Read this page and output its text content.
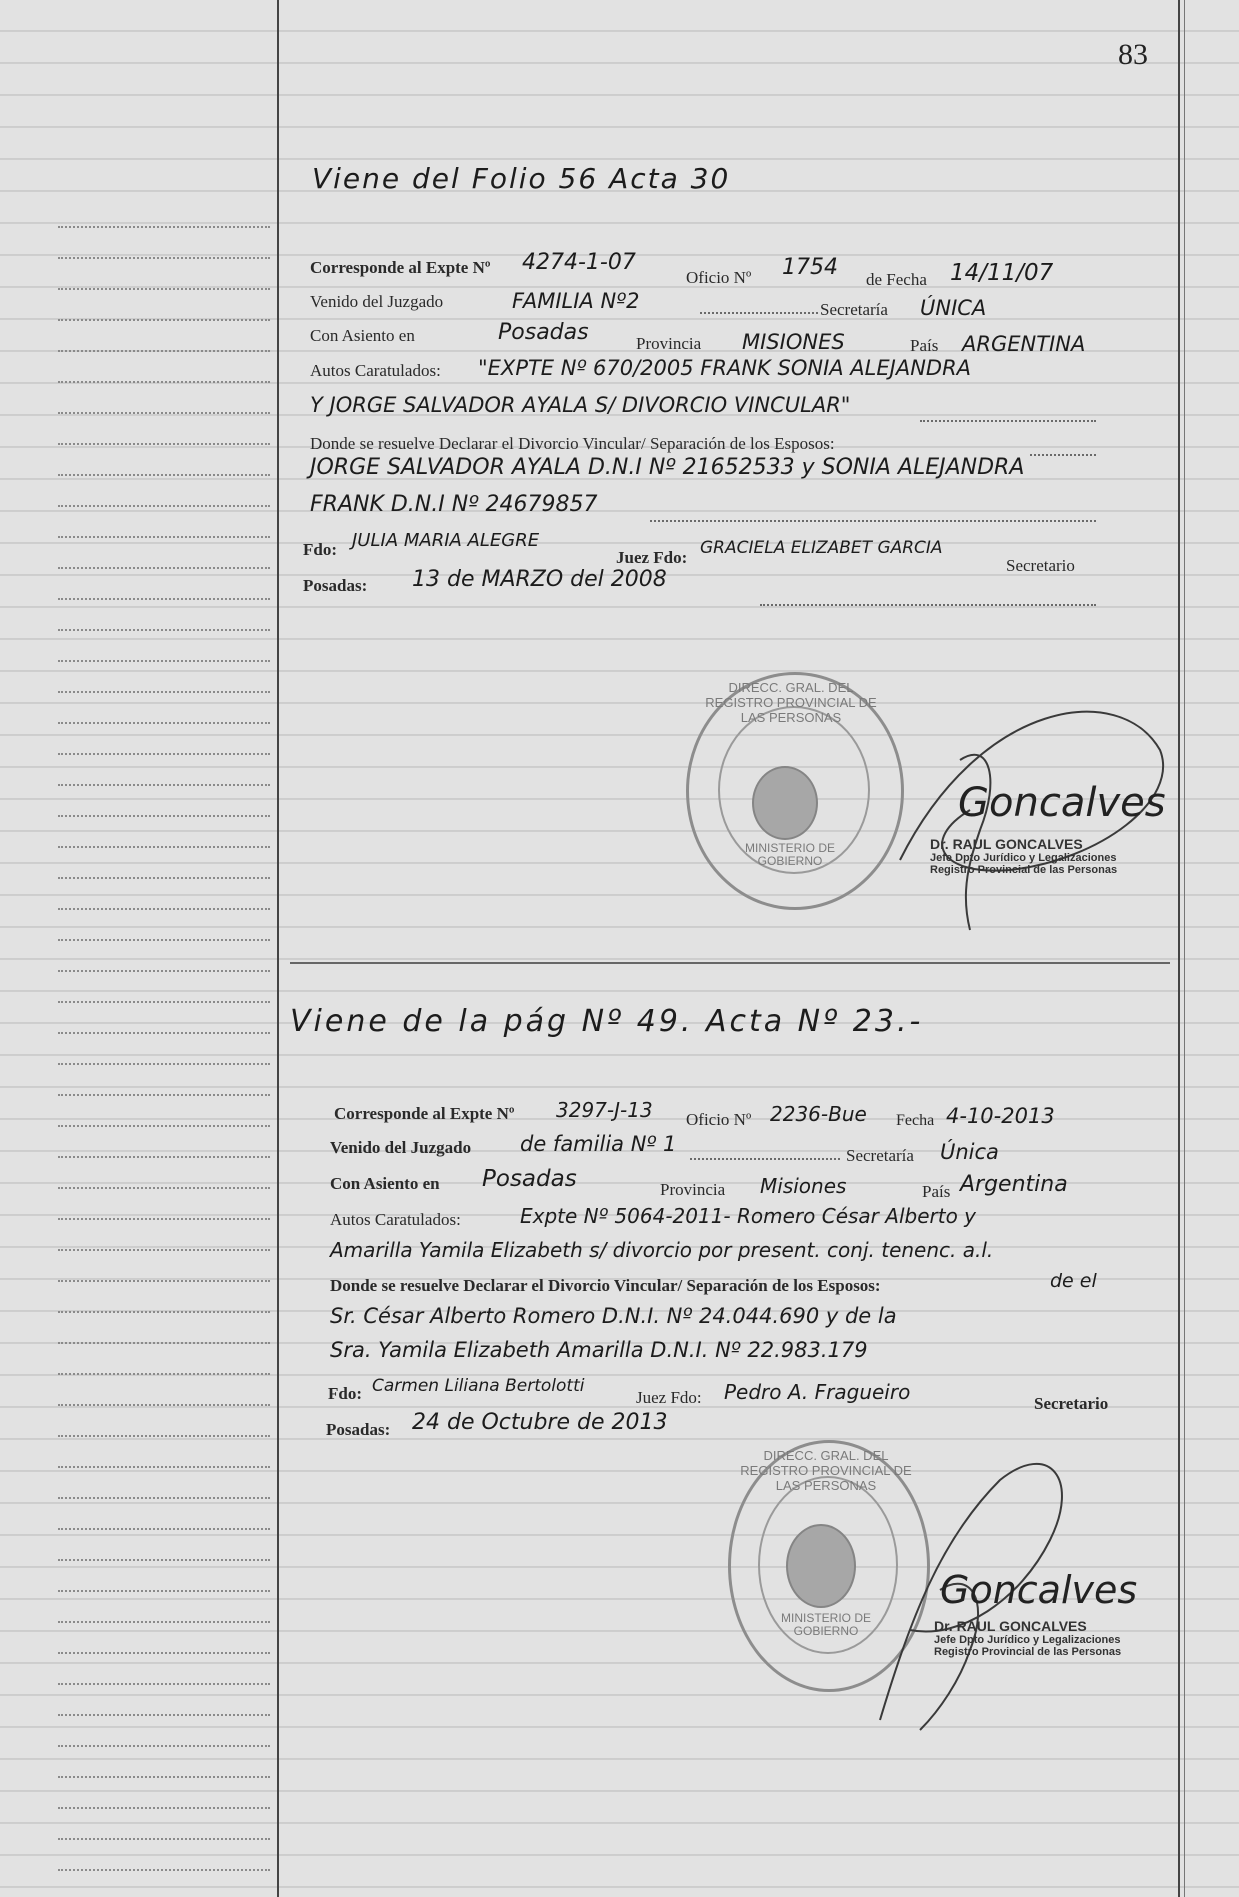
83
Viene del Folio 56 Acta 30
Corresponde al Expte Nº 4274-1-07
Oficio Nº 1754 de Fecha 14/11/07
Venido del Juzgado	FAMILIA Nº2	Secretaría ÚNICA
Con Asiento en	Posadas	Provincia MISIONES	País ARGENTINA
Autos Caratulados: "EXPTE Nº 670/2005 FRANK SONIA ALEJANDRA
Y JORGE SALVADOR AYALA S/ DIVORCIO VINCULAR"
Donde se resuelve Declarar el Divorcio Vincular/ Separación de los Esposos:
JORGE SALVADOR AYALA D.N.I Nº 21652533 y SONIA ALEJANDRA
FRANK D.N.I Nº 24679857
Fdo: JULIA MARIA ALEGRE
Juez Fdo: GRACIELA ELIZABET GARCIA
Secretario
Posadas: 13 de MARZO del 2008
DIRECC. GRAL. DEL REGISTRO PROVINCIAL DE LAS PERSONAS
MINISTERIO DE GOBIERNO
Dr. RAUL GONCALVES
Jefe Dpto Jurídico y Legalizaciones
Registro Provincial de las Personas
Goncalves
Viene de la pág Nº 49. Acta Nº 23.-
Corresponde al Expte Nº 3297-J-13 Oficio Nº 2236-Bue Fecha 4-10-2013
Venido del Juzgado de familia Nº 1	Secretaría Única
Con Asiento en Posadas	Provincia Misiones	País Argentina
Autos Caratulados:	Expte Nº 5064-2011- Romero César Alberto y
Amarilla Yamila Elizabeth s/ divorcio por present. conj. tenenc. a.l.
Donde se resuelve Declarar el Divorcio Vincular/ Separación de los Esposos:	de el
Sr. César Alberto Romero D.N.I. Nº 24.044.690 y de la
Sra. Yamila Elizabeth Amarilla D.N.I. Nº 22.983.179
Fdo: Carmen Liliana Bertolotti
Juez Fdo: Pedro A. Fragueiro	Secretario
Posadas: 24 de Octubre de 2013
DIRECC. GRAL. DEL REGISTRO PROVINCIAL DE LAS PERSONAS
MINISTERIO DE GOBIERNO	Dr. RAUL GONCALVES
Jefe Dpto Jurídico y Legalizaciones
Registro Provincial de las Personas
Goncalves
